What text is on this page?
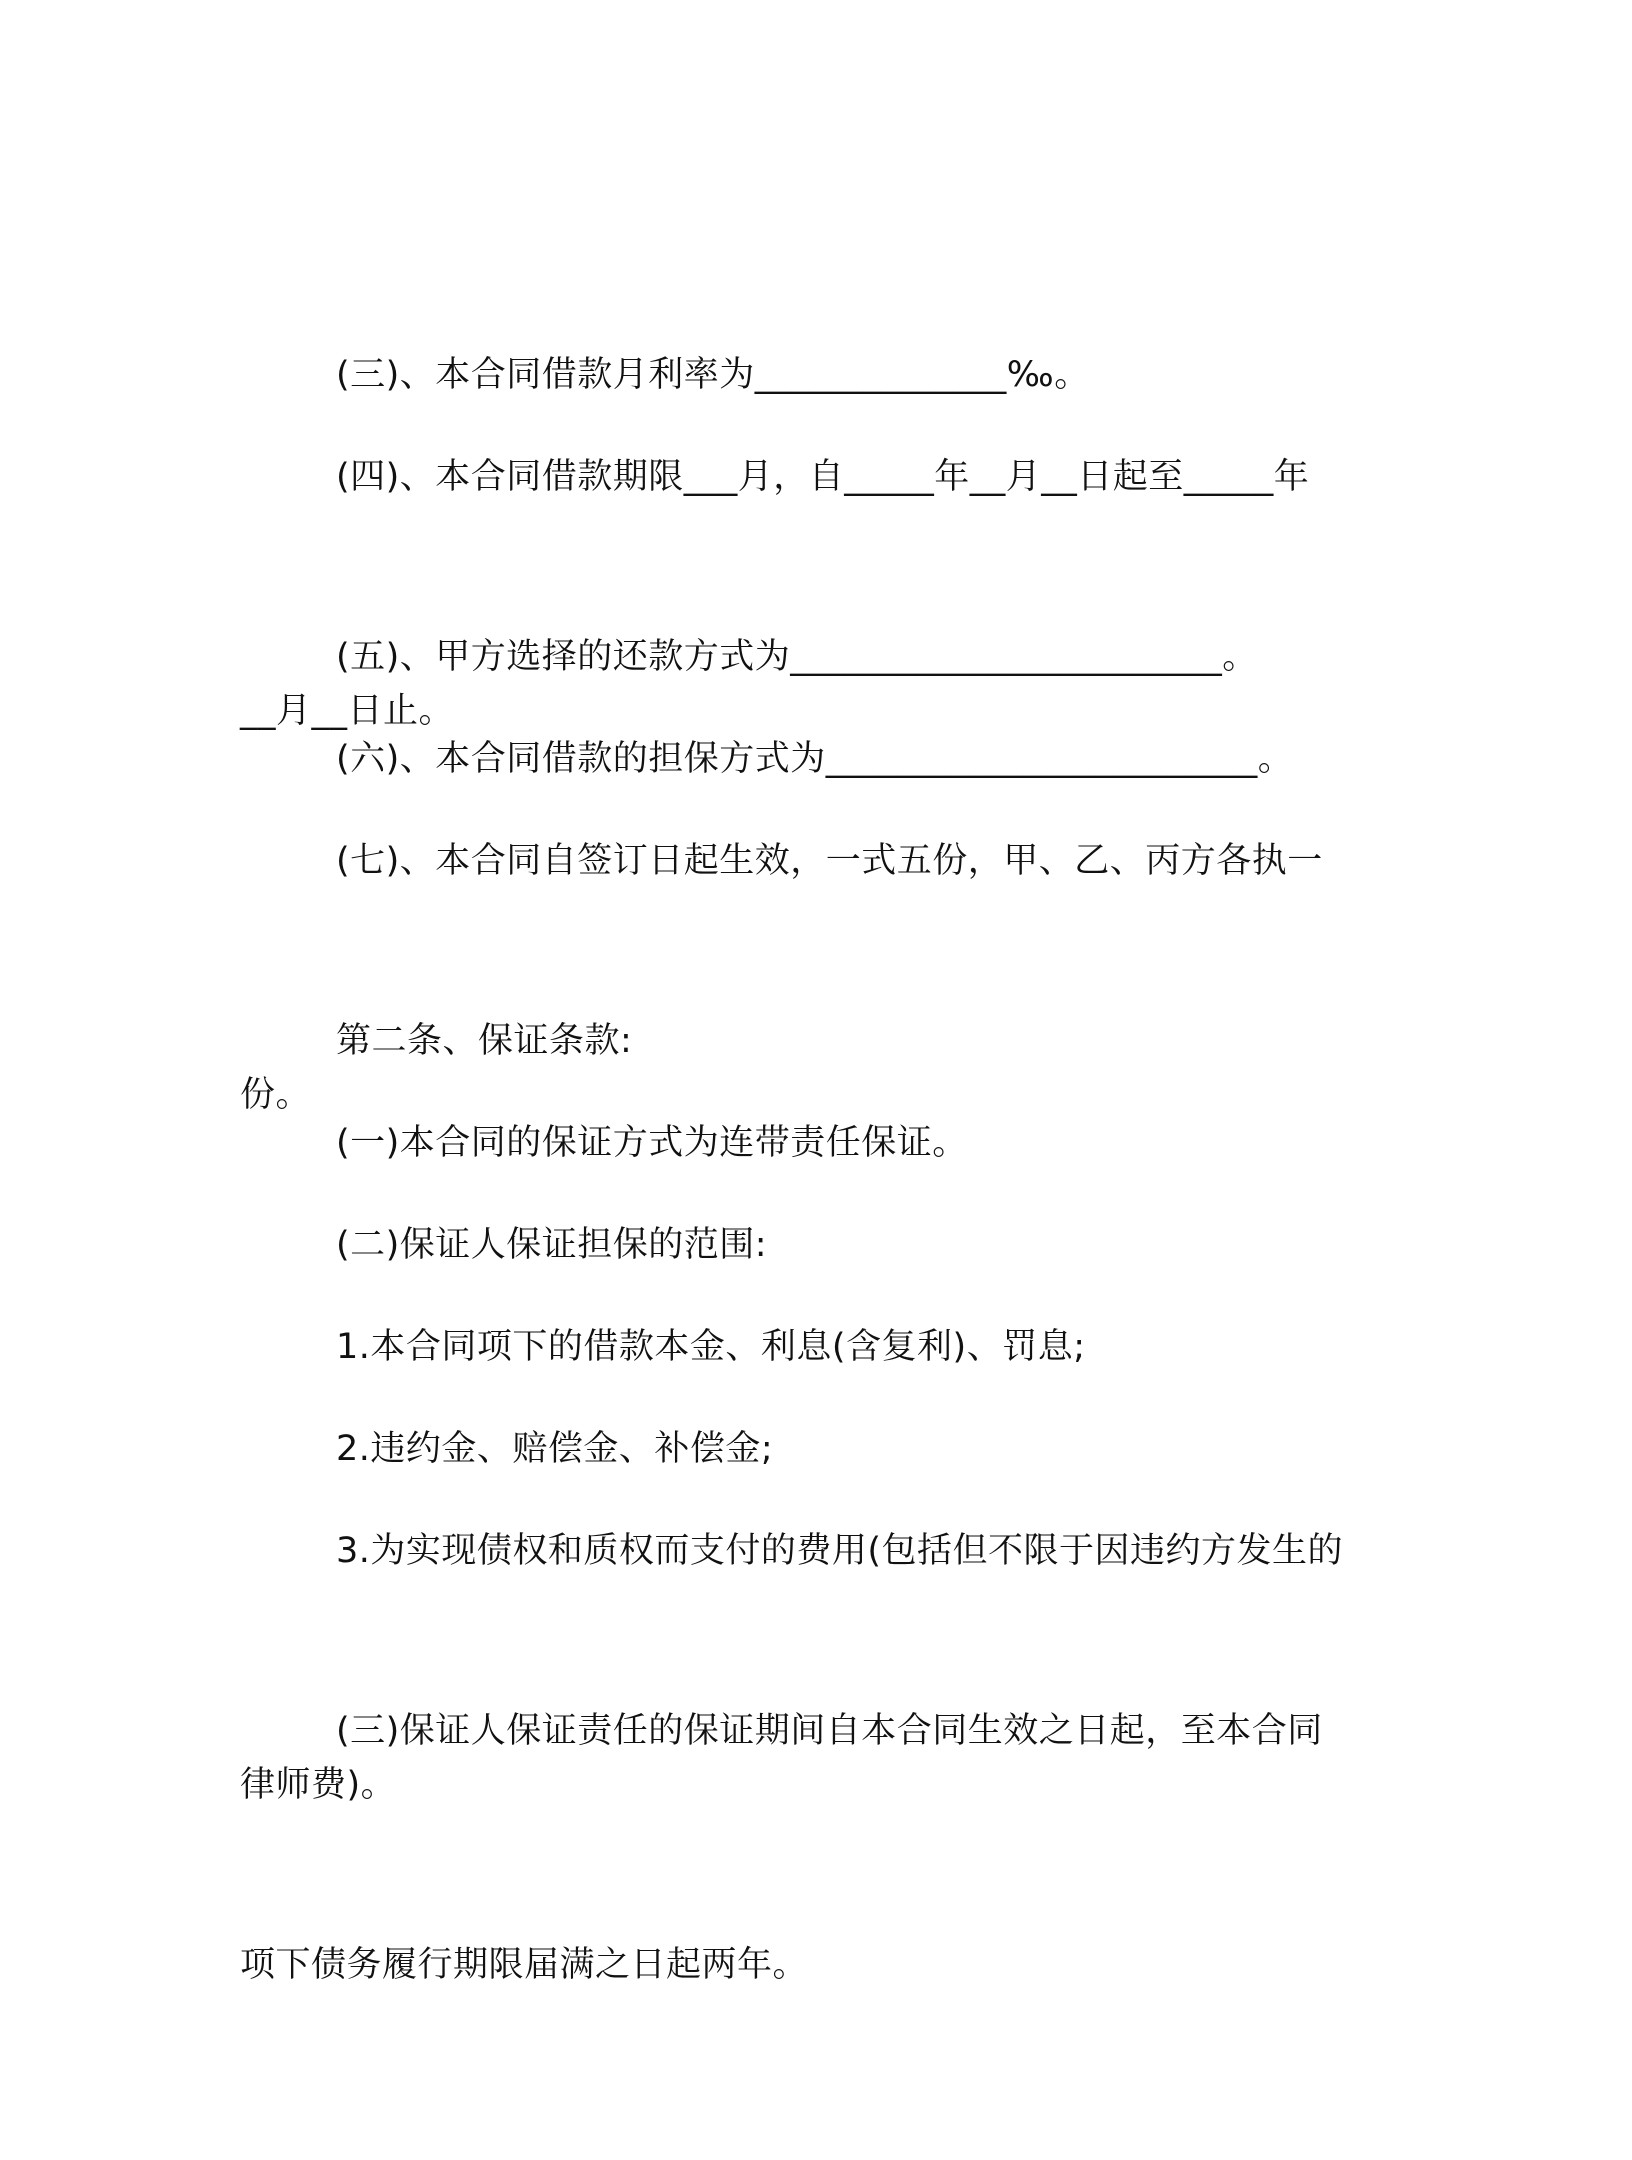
(三)、本合同借款月利率为______________‰。

(四)、本合同借款期限___月，自_____年__月__日起至_____年

__月__日止。

(五)、甲方选择的还款方式为________________________。

(六)、本合同借款的担保方式为________________________。

(七)、本合同自签订日起生效，一式五份，甲、乙、丙方各执一

份。

第二条、保证条款:

(一)本合同的保证方式为连带责任保证。

(二)保证人保证担保的范围:

1.本合同项下的借款本金、利息(含复利)、罚息;

2.违约金、赔偿金、补偿金;

3.为实现债权和质权而支付的费用(包括但不限于因违约方发生的

律师费)。

(三)保证人保证责任的保证期间自本合同生效之日起，至本合同

项下债务履行期限届满之日起两年。
